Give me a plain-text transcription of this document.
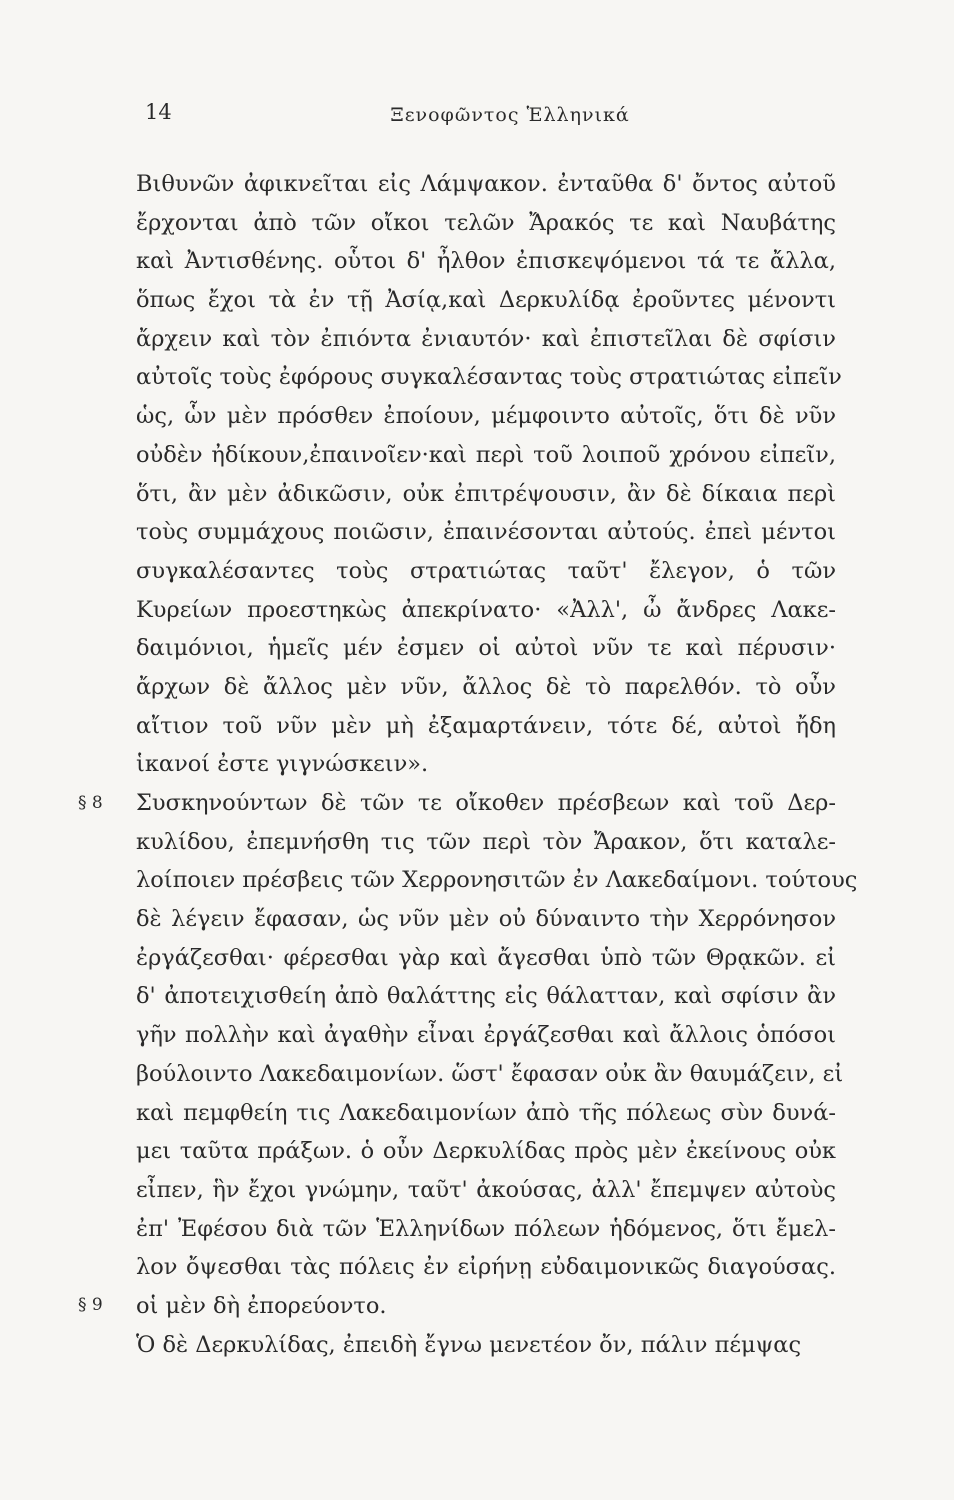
14	Ξενοφῶντος Ἑλληνικά
§ 8
§ 9
Βιθυνῶν ἀφικνεῖται εἰς Λάμψακον. ἐνταῦθα δ' ὄντος αὐτοῦ
ἔρχονται ἀπὸ τῶν οἴκοι τελῶν Ἄρακός τε καὶ Ναυβάτης
καὶ Ἀντισθένης. οὗτοι δ' ἦλθον ἐπισκεψόμενοι τά τε ἄλλα,
ὅπως ἔχοι τὰ ἐν τῇ Ἀσίᾳ,καὶ Δερκυλίδᾳ ἐροῦντες μένοντι
ἄρχειν καὶ τὸν ἐπιόντα ἐνιαυτόν· καὶ ἐπιστεῖλαι δὲ σφίσιν
αὐτοῖς τοὺς ἐφόρους συγκαλέσαντας τοὺς στρατιώτας εἰπεῖν
ὡς, ὧν μὲν πρόσθεν ἐποίουν, μέμφοιντο αὐτοῖς, ὅτι δὲ νῦν
οὐδὲν ἠδίκουν,ἐπαινοῖεν·καὶ περὶ τοῦ λοιποῦ χρόνου εἰπεῖν,
ὅτι, ἂν μὲν ἀδικῶσιν, οὐκ ἐπιτρέψουσιν, ἂν δὲ δίκαια περὶ
τοὺς συμμάχους ποιῶσιν, ἐπαινέσονται αὐτούς. ἐπεὶ μέντοι
συγκαλέσαντες τοὺς στρατιώτας ταῦτ' ἔλεγον, ὁ τῶν
Κυρείων προεστηκὼς ἀπεκρίνατο· «Ἀλλ', ὦ ἄνδρες Λακε-
δαιμόνιοι, ἡμεῖς μέν ἐσμεν οἱ αὐτοὶ νῦν τε καὶ πέρυσιν·
ἄρχων δὲ ἄλλος μὲν νῦν, ἄλλος δὲ τὸ παρελθόν. τὸ οὖν
αἴτιον τοῦ νῦν μὲν μὴ ἐξαμαρτάνειν, τότε δέ, αὐτοὶ ἤδη
ἱκανοί ἐστε γιγνώσκειν».
Συσκηνούντων δὲ τῶν τε οἴκοθεν πρέσβεων καὶ τοῦ Δερ-
κυλίδου, ἐπεμνήσθη τις τῶν περὶ τὸν Ἄρακον, ὅτι καταλε-
λοίποιεν πρέσβεις τῶν Χερρονησιτῶν ἐν Λακεδαίμονι. τούτους
δὲ λέγειν ἔφασαν, ὡς νῦν μὲν οὐ δύναιντο τὴν Χερρόνησον
ἐργάζεσθαι· φέρεσθαι γὰρ καὶ ἄγεσθαι ὑπὸ τῶν Θρᾳκῶν. εἰ
δ' ἀποτειχισθείη ἀπὸ θαλάττης εἰς θάλατταν, καὶ σφίσιν ἂν
γῆν πολλὴν καὶ ἀγαθὴν εἶναι ἐργάζεσθαι καὶ ἄλλοις ὁπόσοι
βούλοιντο Λακεδαιμονίων. ὥστ' ἔφασαν οὐκ ἂν θαυμάζειν, εἰ
καὶ πεμφθείη τις Λακεδαιμονίων ἀπὸ τῆς πόλεως σὺν δυνά-
μει ταῦτα πράξων. ὁ οὖν Δερκυλίδας πρὸς μὲν ἐκείνους οὐκ
εἶπεν, ἣν ἔχοι γνώμην, ταῦτ' ἀκούσας, ἀλλ' ἔπεμψεν αὐτοὺς
ἐπ' Ἐφέσου διὰ τῶν Ἑλληνίδων πόλεων ἡδόμενος, ὅτι ἔμελ-
λον ὄψεσθαι τὰς πόλεις ἐν εἰρήνῃ εὐδαιμονικῶς διαγούσας.
οἱ μὲν δὴ ἐπορεύοντο.
Ὁ δὲ Δερκυλίδας, ἐπειδὴ ἔγνω μενετέον ὄν, πάλιν πέμψας
